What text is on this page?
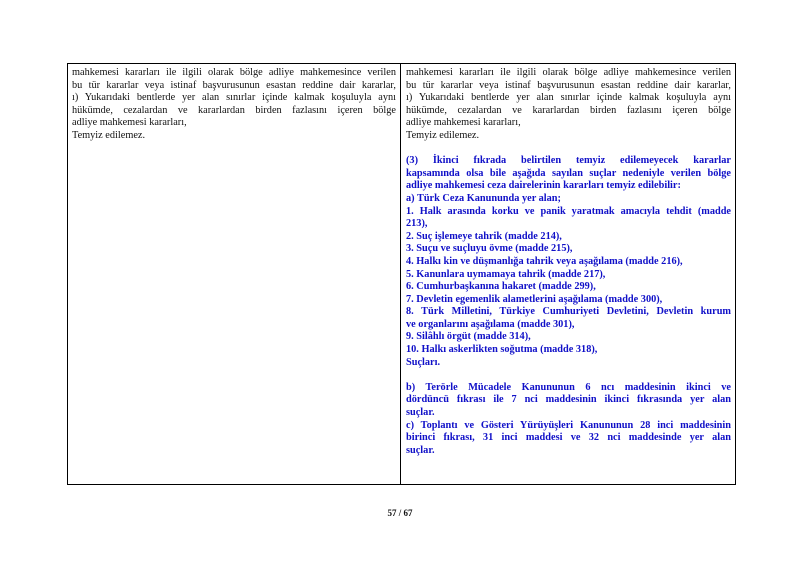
mahkemesi kararları ile ilgili olarak bölge adliye mahkemesince verilen
bu tür kararlar veya istinaf başvurusunun esastan reddine dair kararlar,
ı) Yukarıdaki bentlerde yer alan sınırlar içinde kalmak koşuluyla aynı
hükümde, cezalardan ve kararlardan birden fazlasını içeren bölge
adliye mahkemesi kararları,
Temyiz edilemez.
mahkemesi kararları ile ilgili olarak bölge adliye mahkemesince verilen
bu tür kararlar veya istinaf başvurusunun esastan reddine dair kararlar,
ı) Yukarıdaki bentlerde yer alan sınırlar içinde kalmak koşuluyla aynı
hükümde, cezalardan ve kararlardan birden fazlasını içeren bölge
adliye mahkemesi kararları,
Temyiz edilemez.
(3) İkinci fıkrada belirtilen temyiz edilemeyecek kararlar
kapsamında olsa bile aşağıda sayılan suçlar nedeniyle verilen bölge
adliye mahkemesi ceza dairelerinin kararları temyiz edilebilir:
a) Türk Ceza Kanununda yer alan;
1. Halk arasında korku ve panik yaratmak amacıyla tehdit (madde
213),
2. Suç işlemeye tahrik (madde 214),
3. Suçu ve suçluyu övme (madde 215),
4. Halkı kin ve düşmanlığa tahrik veya aşağılama (madde 216),
5. Kanunlara uymamaya tahrik (madde 217),
6. Cumhurbaşkanına hakaret (madde 299),
7. Devletin egemenlik alametlerini aşağılama (madde 300),
8. Türk Milletini, Türkiye Cumhuriyeti Devletini, Devletin kurum
ve organlarını aşağılama (madde 301),
9. Silâhlı örgüt (madde 314),
10. Halkı askerlikten soğutma (madde 318),
Suçları.
b) Terörle Mücadele Kanununun 6 ncı maddesinin ikinci ve
dördüncü fıkrası ile 7 nci maddesinin ikinci fıkrasında yer alan
suçlar.
c) Toplantı ve Gösteri Yürüyüşleri Kanununun 28 inci maddesinin
birinci fıkrası, 31 inci maddesi ve 32 nci maddesinde yer alan
suçlar.
57 / 67
